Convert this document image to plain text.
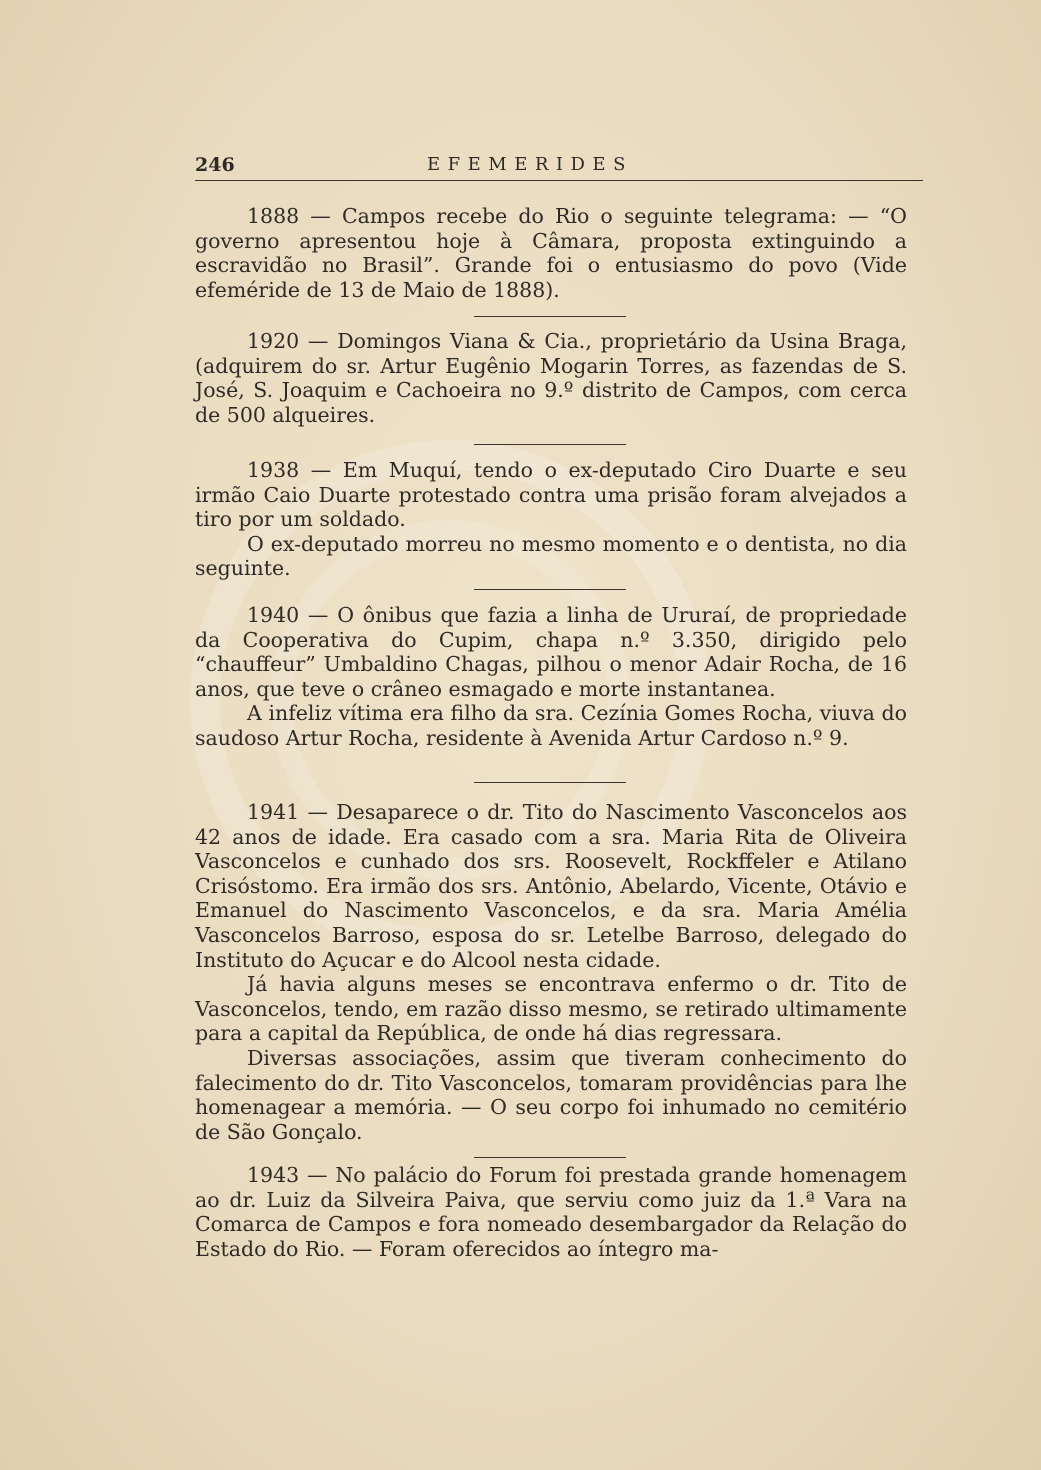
246	EFEMERIDES

1888 — Campos recebe do Rio o seguinte telegrama: — “O governo apresentou hoje à Câmara, proposta extinguindo a escravidão no Brasil”. Grande foi o entusiasmo do povo (Vide efeméride de 13 de Maio de 1888).

1920 — Domingos Viana & Cia., proprietário da Usina Braga, (adquirem do sr. Artur Eugênio Mogarin Torres, as fazendas de S. José, S. Joaquim e Cachoeira no 9.º distrito de Campos, com cerca de 500 alqueires.

1938 — Em Muquí, tendo o ex-deputado Ciro Duarte e seu irmão Caio Duarte protestado contra uma prisão foram alvejados a tiro por um soldado.

O ex-deputado morreu no mesmo momento e o dentista, no dia seguinte.

1940 — O ônibus que fazia a linha de Ururaí, de propriedade da Cooperativa do Cupim, chapa n.º 3.350, dirigido pelo “chauffeur” Umbaldino Chagas, pilhou o menor Adair Rocha, de 16 anos, que teve o crâneo esmagado e morte instantanea.

A infeliz vítima era filho da sra. Cezínia Gomes Rocha, viuva do saudoso Artur Rocha, residente à Avenida Artur Cardoso n.º 9.

1941 — Desaparece o dr. Tito do Nascimento Vasconcelos aos 42 anos de idade. Era casado com a sra. Maria Rita de Oliveira Vasconcelos e cunhado dos srs. Roosevelt, Rockffeler e Atilano Crisóstomo. Era irmão dos srs. Antônio, Abelardo, Vicente, Otávio e Emanuel do Nascimento Vasconcelos, e da sra. Maria Amélia Vasconcelos Barroso, esposa do sr. Letelbe Barroso, delegado do Instituto do Açucar e do Alcool nesta cidade.

Já havia alguns meses se encontrava enfermo o dr. Tito de Vasconcelos, tendo, em razão disso mesmo, se retirado ultimamente para a capital da República, de onde há dias regressara.

Diversas associações, assim que tiveram conhecimento do falecimento do dr. Tito Vasconcelos, tomaram providências para lhe homenagear a memória. — O seu corpo foi inhumado no cemitério de São Gonçalo.

1943 — No palácio do Forum foi prestada grande homenagem ao dr. Luiz da Silveira Paiva, que serviu como juiz da 1.ª Vara na Comarca de Campos e fora nomeado desembargador da Relação do Estado do Rio. — Foram oferecidos ao íntegro ma-
